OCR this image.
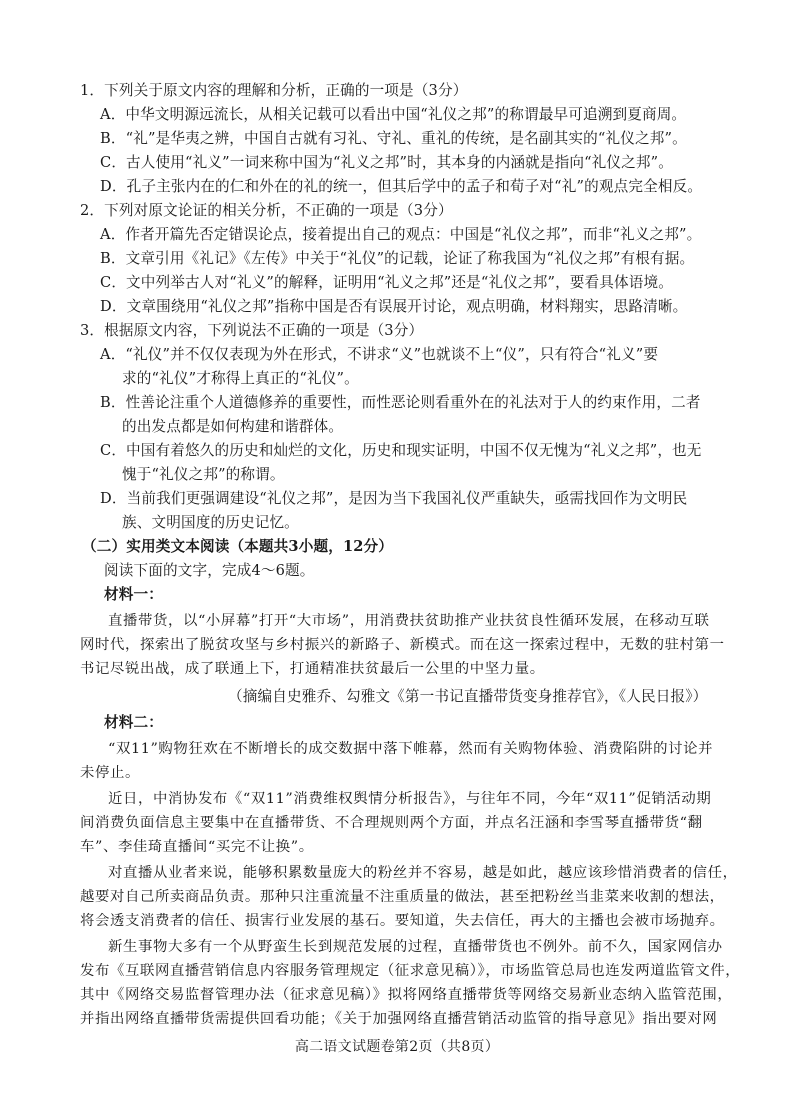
1．下列关于原文内容的理解和分析，正确的一项是（3分）
A．中华文明源远流长，从相关记载可以看出中国“礼仪之邦”的称谓最早可追溯到夏商周。
B．“礼”是华夷之辨，中国自古就有习礼、守礼、重礼的传统，是名副其实的“礼仪之邦”。
C．古人使用“礼义”一词来称中国为“礼义之邦”时，其本身的内涵就是指向“礼仪之邦”。
D．孔子主张内在的仁和外在的礼的统一，但其后学中的孟子和荀子对“礼”的观点完全相反。
2．下列对原文论证的相关分析，不正确的一项是（3分）
A．作者开篇先否定错误论点，接着提出自己的观点：中国是“礼仪之邦”，而非“礼义之邦”。
B．文章引用《礼记》《左传》中关于“礼仪”的记载，论证了称我国为“礼仪之邦”有根有据。
C．文中列举古人对“礼义”的解释，证明用“礼义之邦”还是“礼仪之邦”，要看具体语境。
D．文章围绕用“礼仪之邦”指称中国是否有误展开讨论，观点明确，材料翔实，思路清晰。
3．根据原文内容，下列说法不正确的一项是（3分）
A．“礼仪”并不仅仅表现为外在形式，不讲求“义”也就谈不上“仪”，只有符合“礼义”要
求的“礼仪”才称得上真正的“礼仪”。
B．性善论注重个人道德修养的重要性，而性恶论则看重外在的礼法对于人的约束作用，二者
的出发点都是如何构建和谐群体。
C．中国有着悠久的历史和灿烂的文化，历史和现实证明，中国不仅无愧为“礼义之邦”，也无
愧于“礼仪之邦”的称谓。
D．当前我们更强调建设“礼仪之邦”，是因为当下我国礼仪严重缺失，亟需找回作为文明民
族、文明国度的历史记忆。
（二）实用类文本阅读（本题共3小题，12分）
阅读下面的文字，完成4～6题。
材料一：
直播带货，以“小屏幕”打开“大市场”，用消费扶贫助推产业扶贫良性循环发展，在移动互联
网时代，探索出了脱贫攻坚与乡村振兴的新路子、新模式。而在这一探索过程中，无数的驻村第一
书记尽锐出战，成了联通上下，打通精准扶贫最后一公里的中坚力量。
（摘编自史雅乔、勾雅文《第一书记直播带货变身推荐官》，《人民日报》）
材料二：
“双11”购物狂欢在不断增长的成交数据中落下帷幕，然而有关购物体验、消费陷阱的讨论并
未停止。
近日，中消协发布《“双11”消费维权舆情分析报告》，与往年不同，今年“双11”促销活动期
间消费负面信息主要集中在直播带货、不合理规则两个方面，并点名汪涵和李雪琴直播带货“翻
车”、李佳琦直播间“买完不让换”。
对直播从业者来说，能够积累数量庞大的粉丝并不容易，越是如此，越应该珍惜消费者的信任，
越要对自己所卖商品负责。那种只注重流量不注重质量的做法，甚至把粉丝当韭菜来收割的想法，
将会透支消费者的信任、损害行业发展的基石。要知道，失去信任，再大的主播也会被市场抛弃。
新生事物大多有一个从野蛮生长到规范发展的过程，直播带货也不例外。前不久，国家网信办
发布《互联网直播营销信息内容服务管理规定（征求意见稿）》，市场监管总局也连发两道监管文件，
其中《网络交易监督管理办法（征求意见稿）》拟将网络直播带货等网络交易新业态纳入监管范围，
并指出网络直播带货需提供回看功能；《关于加强网络直播营销活动监管的指导意见》指出要对网
高二语文试题卷第2页（共8页）
